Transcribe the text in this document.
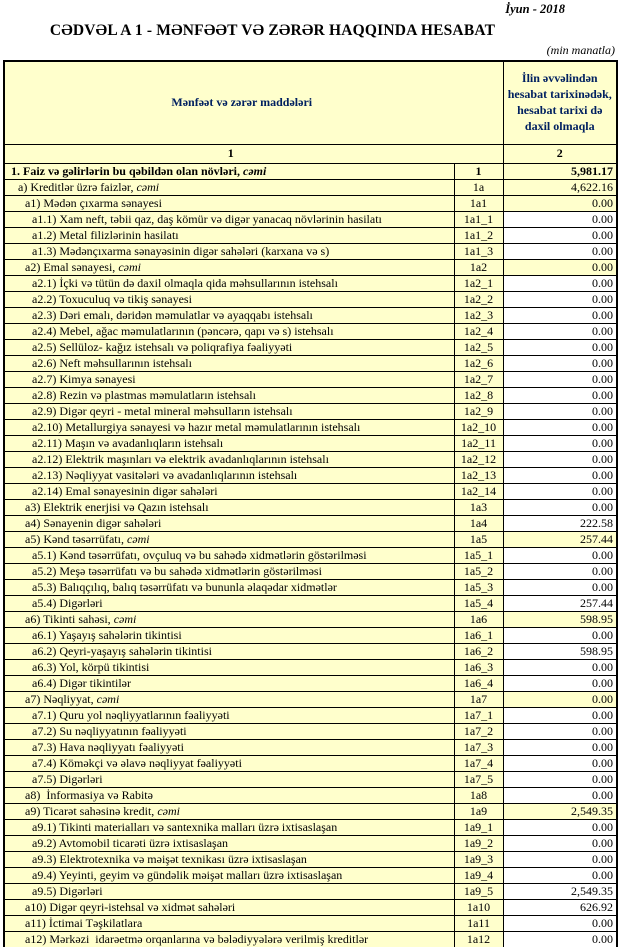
İyun - 2018
CƏDVƏL A 1 - MƏNFƏƏT VƏ ZƏRƏR HAQQINDA HESABAT
(min manatla)
Mənfəət və zərər maddələri		İlin əvvəlindən hesabat tarixinədək, hesabat tarixi də daxil olmaqla
1		2
1. Faiz və gəlirlərin bu qəbildən olan növləri, cəmi	1	5,981.17
a) Kreditlər üzrə faizlər, cəmi	1a	4,622.16
a1) Mədən çıxarma sənayesi	1a1	0.00
a1.1) Xam neft, təbii qaz, daş kömür və digər yanacaq növlərinin hasilatı	1a1_1	0.00
a1.2) Metal filizlərinin hasilatı	1a1_2	0.00
a1.3) Mədənçıxarma sənayəsinin digər sahələri (karxana və s)	1a1_3	0.00
a2) Emal sənayesi, cəmi	1a2	0.00
a2.1) İçki və tütün də daxil olmaqla qida məhsullarının istehsalı	1a2_1	0.00
a2.2) Toxuculuq və tikiş sənayesi	1a2_2	0.00
a2.3) Dəri emalı, dəridən məmulatlar və ayaqqabı istehsalı	1a2_3	0.00
a2.4) Mebel, ağac məmulatlarının (pəncərə, qapı və s) istehsalı	1a2_4	0.00
a2.5) Sellüloz- kağız istehsalı və poliqrafiya fəaliyyəti	1a2_5	0.00
a2.6) Neft məhsullarının istehsalı	1a2_6	0.00
a2.7) Kimya sənayesi	1a2_7	0.00
a2.8) Rezin və plastmas məmulatların istehsalı	1a2_8	0.00
a2.9) Digər qeyri - metal mineral məhsulların istehsalı	1a2_9	0.00
a2.10) Metallurgiya sənayesi və hazır metal məmulatlarının istehsalı	1a2_10	0.00
a2.11) Maşın və avadanlıqların istehsalı	1a2_11	0.00
a2.12) Elektrik maşınları və elektrik avadanlıqlarının istehsalı	1a2_12	0.00
a2.13) Nəqliyyat vasitələri və avadanlıqlarının istehsalı	1a2_13	0.00
a2.14) Emal sənayesinin digər sahələri	1a2_14	0.00
a3) Elektrik enerjisi və Qazın istehsalı	1a3	0.00
a4) Sənayenin digər sahələri	1a4	222.58
a5) Kənd təsərrüfatı, cəmi	1a5	257.44
a5.1) Kənd təsərrüfatı, ovçuluq və bu sahədə xidmətlərin göstərilməsi	1a5_1	0.00
a5.2) Meşə təsərrüfatı və bu sahədə xidmətlərin göstərilməsi	1a5_2	0.00
a5.3) Balıqçılıq, balıq təsərrüfatı və bununla əlaqədar xidmətlər	1a5_3	0.00
a5.4) Digərləri	1a5_4	257.44
a6) Tikinti sahəsi, cəmi	1a6	598.95
a6.1) Yaşayış sahələrin tikintisi	1a6_1	0.00
a6.2) Qeyri-yaşayış sahələrin tikintisi	1a6_2	598.95
a6.3) Yol, körpü tikintisi	1a6_3	0.00
a6.4) Digər tikintilər	1a6_4	0.00
a7) Nəqliyyat, cəmi	1a7	0.00
a7.1) Quru yol nəqliyyatlarının fəaliyyəti	1a7_1	0.00
a7.2) Su nəqliyyatının fəaliyyəti	1a7_2	0.00
a7.3) Hava nəqliyyatı fəaliyyəti	1a7_3	0.00
a7.4) Köməkçi və əlavə nəqliyyat fəaliyyəti	1a7_4	0.00
a7.5) Digərləri	1a7_5	0.00
a8)  İnformasiya və Rabitə	1a8	0.00
a9) Ticarət sahəsinə kredit, cəmi	1a9	2,549.35
a9.1) Tikinti materialları və santexnika malları üzrə ixtisaslaşan	1a9_1	0.00
a9.2) Avtomobil ticarəti üzrə ixtisaslaşan	1a9_2	0.00
a9.3) Elektrotexnika və məişət texnikası üzrə ixtisaslaşan	1a9_3	0.00
a9.4) Yeyinti, geyim və gündəlik məişət malları üzrə ixtisaslaşan	1a9_4	0.00
a9.5) Digərləri	1a9_5	2,549.35
a10) Digər qeyri-istehsal və xidmət sahələri	1a10	626.92
a11) İctimai Təşkilatlara	1a11	0.00
a12) Mərkəzi  idarəetmə orqanlarına və bələdiyyələrə verilmiş kreditlər	1a12	0.00
